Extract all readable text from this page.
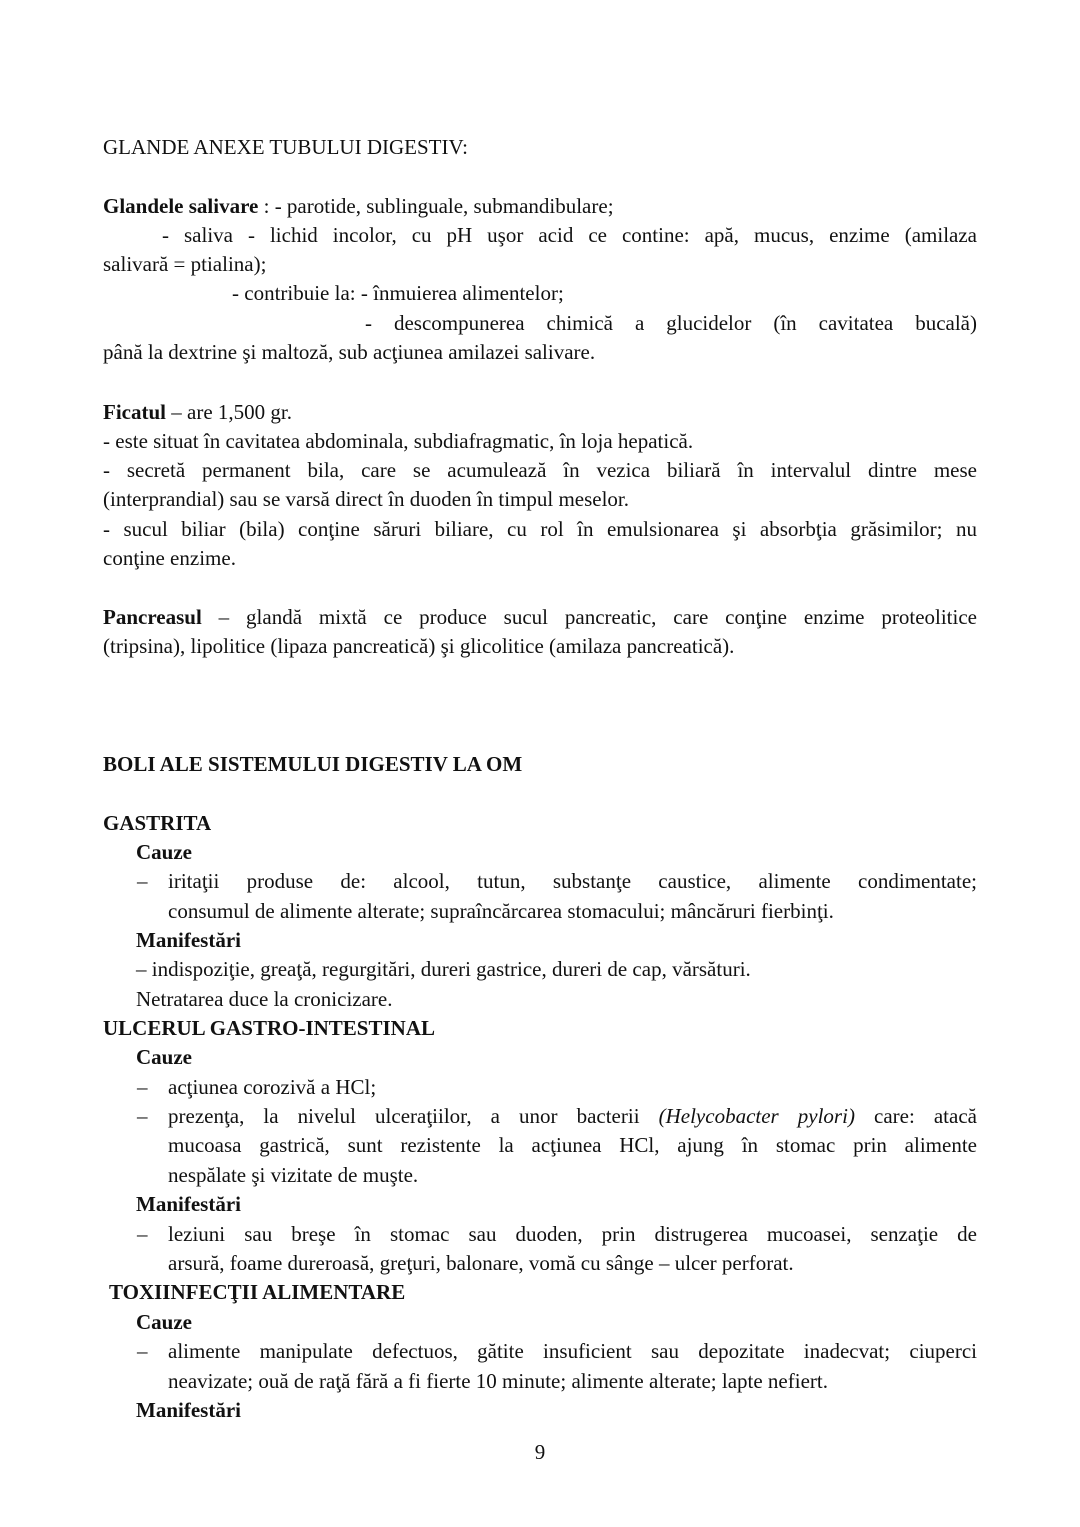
GLANDE ANEXE TUBULUI DIGESTIV:
Glandele salivare : - parotide, sublinguale, submandibulare;
- saliva - lichid incolor, cu pH uşor acid ce contine: apă, mucus, enzime (amilaza
salivară = ptialina);
- contribuie la: - înmuierea alimentelor;
- descompunerea chimică a glucidelor (în cavitatea bucală)
până la dextrine şi maltoză, sub acţiunea amilazei salivare.
Ficatul – are 1,500 gr.
- este situat în cavitatea abdominala, subdiafragmatic, în loja hepatică.
- secretă permanent bila, care se acumulează în vezica biliară în intervalul dintre mese
(interprandial) sau se varsă direct în duoden în timpul meselor.
- sucul biliar (bila) conţine săruri biliare, cu rol în emulsionarea şi absorbţia grăsimilor; nu
conţine enzime.
Pancreasul – glandă mixtă ce produce sucul pancreatic, care conţine enzime proteolitice
(tripsina), lipolitice (lipaza pancreatică) şi glicolitice (amilaza pancreatică).
BOLI ALE SISTEMULUI DIGESTIV LA OM
GASTRITA
Cauze
– iritaţii produse de: alcool, tutun, substanţe caustice, alimente condimentate;
consumul de alimente alterate; supraîncărcarea stomacului; mâncăruri fierbinţi.
Manifestări
– indispoziţie, greaţă, regurgitări, dureri gastrice, dureri de cap, vărsături.
Netratarea duce la cronicizare.
ULCERUL GASTRO-INTESTINAL
Cauze
– acţiunea corozivă a HCl;
– prezenţa, la nivelul ulceraţiilor, a unor bacterii (Helycobacter pylori) care: atacă
mucoasa gastrică, sunt rezistente la acţiunea HCl, ajung în stomac prin alimente
nespălate şi vizitate de muşte.
Manifestări
– leziuni sau breşe în stomac sau duoden, prin distrugerea mucoasei, senzaţie de
arsură, foame dureroasă, greţuri, balonare, vomă cu sânge – ulcer perforat.
TOXIINFECŢII ALIMENTARE
Cauze
– alimente manipulate defectuos, gătite insuficient sau depozitate inadecvat; ciuperci
neavizate; ouă de raţă fără a fi fierte 10 minute; alimente alterate; lapte nefiert.
Manifestări
9
